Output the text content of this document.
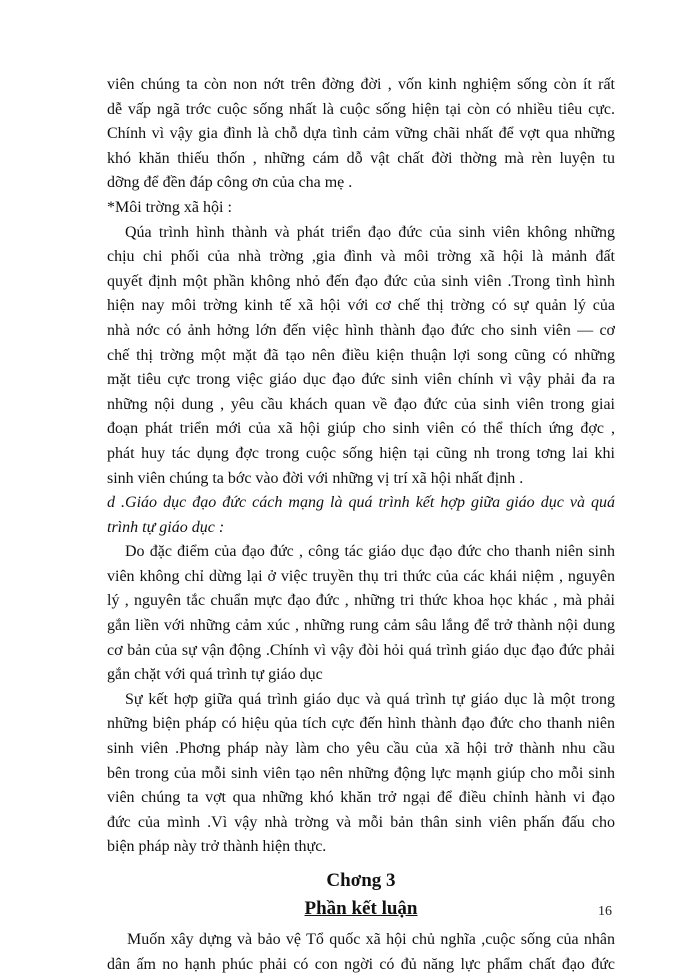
viên chúng ta còn non nớt trên đờng đời , vốn kinh nghiệm sống còn ít rất
dễ vấp ngã trớc cuộc sống nhất là cuộc sống hiện tại còn có nhiều tiêu cực.
Chính vì vậy gia đình là chỗ dựa tình cảm vững chãi nhất để vợt qua những
khó khăn thiếu thốn , những cám dỗ vật chất đời thờng mà rèn luyện tu
dỡng để đền đáp công ơn của cha mẹ .
*Môi trờng xã hội :
Qúa trình hình thành và phát triển đạo đức của sinh viên không những
chịu chi phối của nhà trờng ,gia đình và môi trờng xã hội là mảnh đất
quyết định một phần không nhỏ đến đạo đức của sinh viên .Trong tình hình
hiện nay môi trờng kinh tế xã hội với cơ chế thị trờng có sự quản lý của
nhà nớc có ảnh hởng lớn đến việc hình thành đạo đức cho sinh viên — cơ
chế thị trờng một mặt đã tạo nên điều kiện thuận lợi song cũng có những
mặt tiêu cực trong việc giáo dục đạo đức sinh viên chính vì vậy phải đa ra
những nội dung , yêu cầu khách quan về đạo đức của sinh viên trong giai
đoạn phát triển mới của xã hội giúp cho sinh viên có thể thích ứng đợc ,
phát huy tác dụng đợc trong cuộc sống hiện tại cũng nh trong tơng lai khi
sinh viên chúng ta bớc vào đời với những vị trí xã hội nhất định .
d .Giáo dục đạo đức cách mạng là quá trình kết hợp giữa giáo dục và quá
trình tự giáo dục :
Do đặc điểm của đạo đức , công tác giáo dục đạo đức cho thanh niên sinh
viên không chỉ dừng lại ở việc truyền thụ tri thức của các khái niệm , nguyên
lý , nguyên tắc chuẩn mực đạo đức , những tri thức khoa học khác , mà phải
gắn liền với những cảm xúc , những rung cảm sâu lắng để trở thành nội dung
cơ bản của sự vận động .Chính vì vậy đòi hỏi quá trình giáo dục đạo đức phải
gắn chặt với quá trình tự giáo dục
Sự kết hợp giữa quá trình giáo dục và quá trình tự giáo dục là một trong
những biện pháp có hiệu qủa tích cực đến hình thành đạo đức cho thanh niên
sinh viên .Phơng pháp này làm cho yêu cầu của xã hội trở thành nhu cầu
bên trong của mỗi sinh viên tạo nên những động lực mạnh giúp cho mỗi sinh
viên chúng ta vợt qua những khó khăn trở ngại để điều chỉnh hành vi đạo
đức của mình .Vì vậy nhà trờng và mỗi bản thân sinh viên phấn đấu cho
biện pháp này trở thành hiện thực.
Chơng 3
Phần kết luận
Muốn xây dựng và bảo vệ Tổ quốc xã hội chủ nghĩa ,cuộc sống của nhân
dân ấm no hạnh phúc phải có con ngời có đủ năng lực phẩm chất đạo đức
16
